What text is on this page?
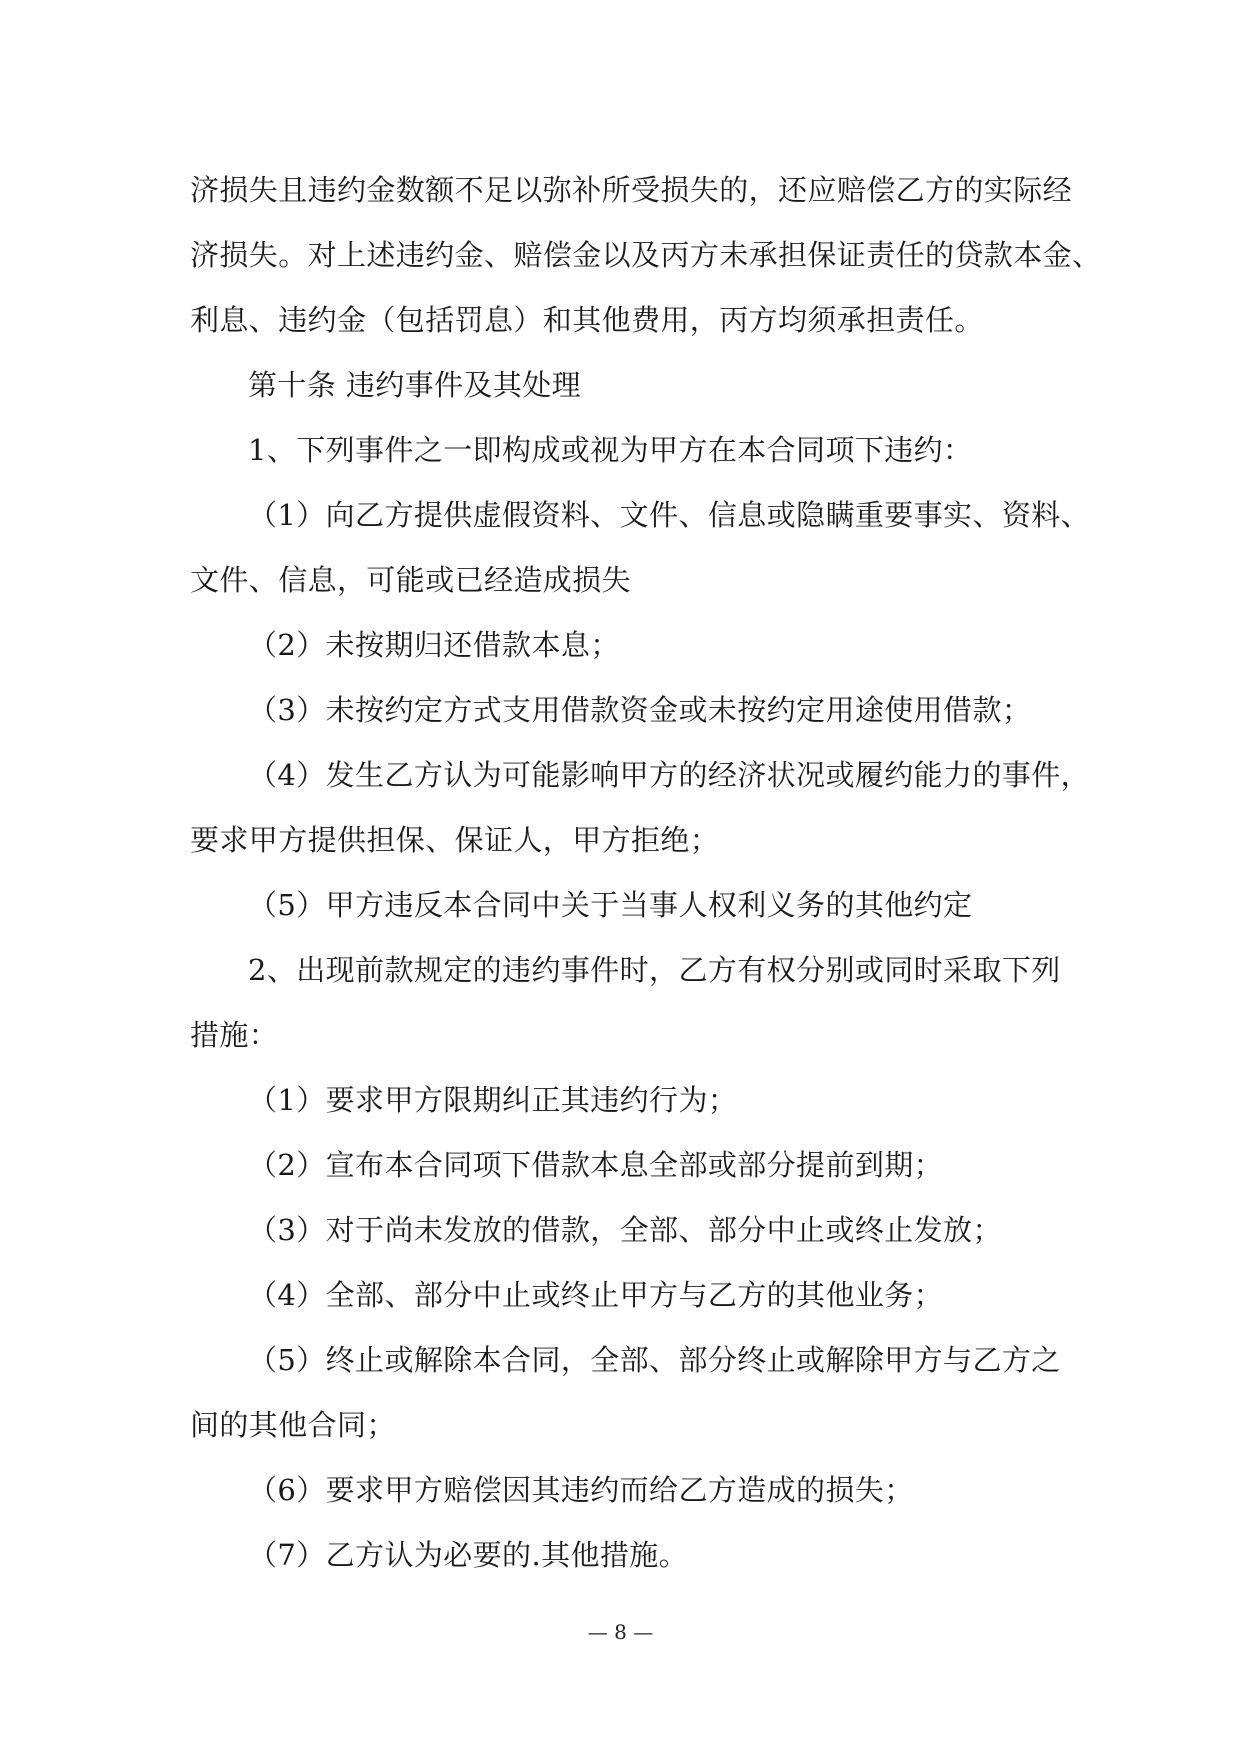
济损失且违约金数额不足以弥补所受损失的，还应赔偿乙方的实际经
济损失。对上述违约金、赔偿金以及丙方未承担保证责任的贷款本金、
利息、违约金（包括罚息）和其他费用，丙方均须承担责任。
第十条 违约事件及其处理
1、下列事件之一即构成或视为甲方在本合同项下违约：
（1）向乙方提供虚假资料、文件、信息或隐瞒重要事实、资料、
文件、信息，可能或已经造成损失
（2）未按期归还借款本息；
（3）未按约定方式支用借款资金或未按约定用途使用借款；
（4）发生乙方认为可能影响甲方的经济状况或履约能力的事件，
要求甲方提供担保、保证人，甲方拒绝；
（5）甲方违反本合同中关于当事人权利义务的其他约定
2、出现前款规定的违约事件时，乙方有权分别或同时采取下列
措施：
（1）要求甲方限期纠正其违约行为；
（2）宣布本合同项下借款本息全部或部分提前到期；
（3）对于尚未发放的借款，全部、部分中止或终止发放；
（4）全部、部分中止或终止甲方与乙方的其他业务；
（5）终止或解除本合同，全部、部分终止或解除甲方与乙方之
间的其他合同；
（6）要求甲方赔偿因其违约而给乙方造成的损失；
（7）乙方认为必要的.其他措施。
— 8 —
